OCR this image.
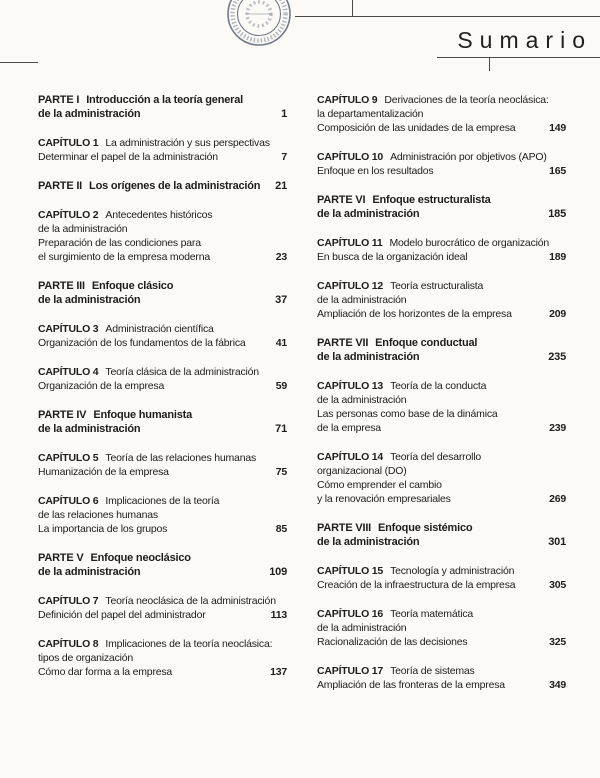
Sumario
PARTE I Introducción a la teoría general
de la administración	1
CAPÍTULO 1 La administración y sus perspectivas
Determinar el papel de la administración	7
PARTE II Los orígenes de la administración	21
CAPÍTULO 2 Antecedentes históricos
de la administración
Preparación de las condiciones para
el surgimiento de la empresa moderna	23
PARTE III Enfoque clásico
de la administración	37
CAPÍTULO 3 Administración científica
Organización de los fundamentos de la fábrica	41
CAPÍTULO 4 Teoría clásica de la administración
Organización de la empresa	59
PARTE IV Enfoque humanista
de la administración	71
CAPÍTULO 5 Teoría de las relaciones humanas
Humanización de la empresa	75
CAPÍTULO 6 Implicaciones de la teoría
de las relaciones humanas
La importancia de los grupos	85
PARTE V Enfoque neoclásico
de la administración	109
CAPÍTULO 7 Teoría neoclásica de la administración
Definición del papel del administrador	113
CAPÍTULO 8 Implicaciones de la teoría neoclásica:
tipos de organización
Cómo dar forma a la empresa	137
CAPÍTULO 9 Derivaciones de la teoría neoclásica:
la departamentalización
Composición de las unidades de la empresa	149
CAPÍTULO 10 Administración por objetivos (APO)
Enfoque en los resultados	165
PARTE VI Enfoque estructuralista
de la administración	185
CAPÍTULO 11 Modelo burocrático de organización
En busca de la organización ideal	189
CAPÍTULO 12 Teoría estructuralista
de la administración
Ampliación de los horizontes de la empresa	209
PARTE VII Enfoque conductual
de la administración	235
CAPÍTULO 13 Teoría de la conducta
de la administración
Las personas como base de la dinámica
de la empresa	239
CAPÍTULO 14 Teoría del desarrollo
organizacional (DO)
Cómo emprender el cambio
y la renovación empresariales	269
PARTE VIII Enfoque sistémico
de la administración	301
CAPÍTULO 15 Tecnología y administración
Creación de la infraestructura de la empresa	305
CAPÍTULO 16 Teoría matemática
de la administración
Racionalización de las decisiones	325
CAPÍTULO 17 Teoría de sistemas
Ampliación de las fronteras de la empresa	349
